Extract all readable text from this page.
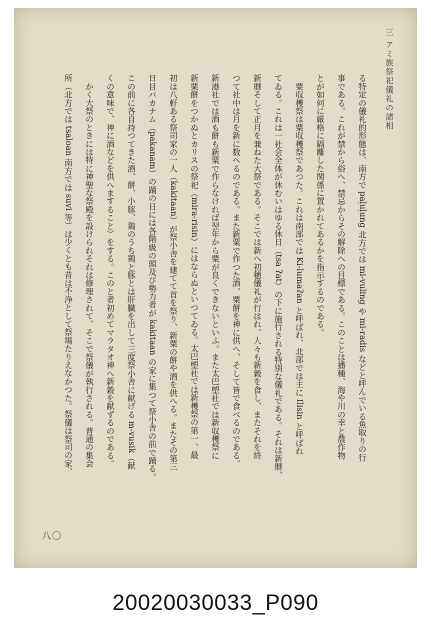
三 アミ族祭祀儀礼の諸相
る特定の儀礼的形態は、南方で paḷuḷung 北方では mi-vuling や mi-radis などと呼んでいる魚取りの行
事である。これが禁から俗へ、禁忌からその解除への目標である。このことは播種、海や川の幸と農作物
とが如何に厳格に隔離した関係に置かれてあるかを指示するのである。
　粟収穫祭は粟収穫祭であつた。これは南部では Ki-lumaʔan と呼ばれ、北部では主に Ilisin と呼ばれ
てゐる。これは一社会全体が休むいはゆる休日（tsa ʔat）の下に施行される特別な儀礼である。それは新暦、
新暦そして正月を兼ねた大祭である。そこでは新へ初穂儀礼が行はれ、人々も新穀を食し、またそれを終
つて社中は月を新に数へるのである。また新粟で作つた酒、粟餅を神に供へ、そして皆で食べるのである。
新港社では酒も餅も新粟で作らなければ翌年から粟が良くできないといふ。また太巴塱社では新収穫祭に
新栗餅をつかぬとカリスの祭祀（mira-risin）にはならぬといつてゐる。太巴塱社では新穫祭の第一、最
初は八軒ある祭司家の一人（kakitaan）が祭小舎を建てて首を祭り、新粟の餅や酒を供へる。またその第三
日目パカナム（pakanam）の踊の日には各階級の頭及び勢力者が kakitaan の家に集つて祭小舎の前で踊る。
この前に各自持つてきた酒、餅、小豚、鶏のうち鶏と豚とは肝臓を出して三度祭小舎に献げる m-vusik（献
くの意味で、神に酒などを供へますること）をする。このと者初めてマラタオ神へ新穀を献ずるのである。
　かく大祭のときには特に神聖な祭殿を設けられそれは修理されて、そこで祭儀が執行される。普通の集会
所（北方では tsaloan 南方では suvi 等）は少くとも昔は不浄として祭場たりえなかつた。祭儀は祭司の家、

八〇
20020030033_P090
